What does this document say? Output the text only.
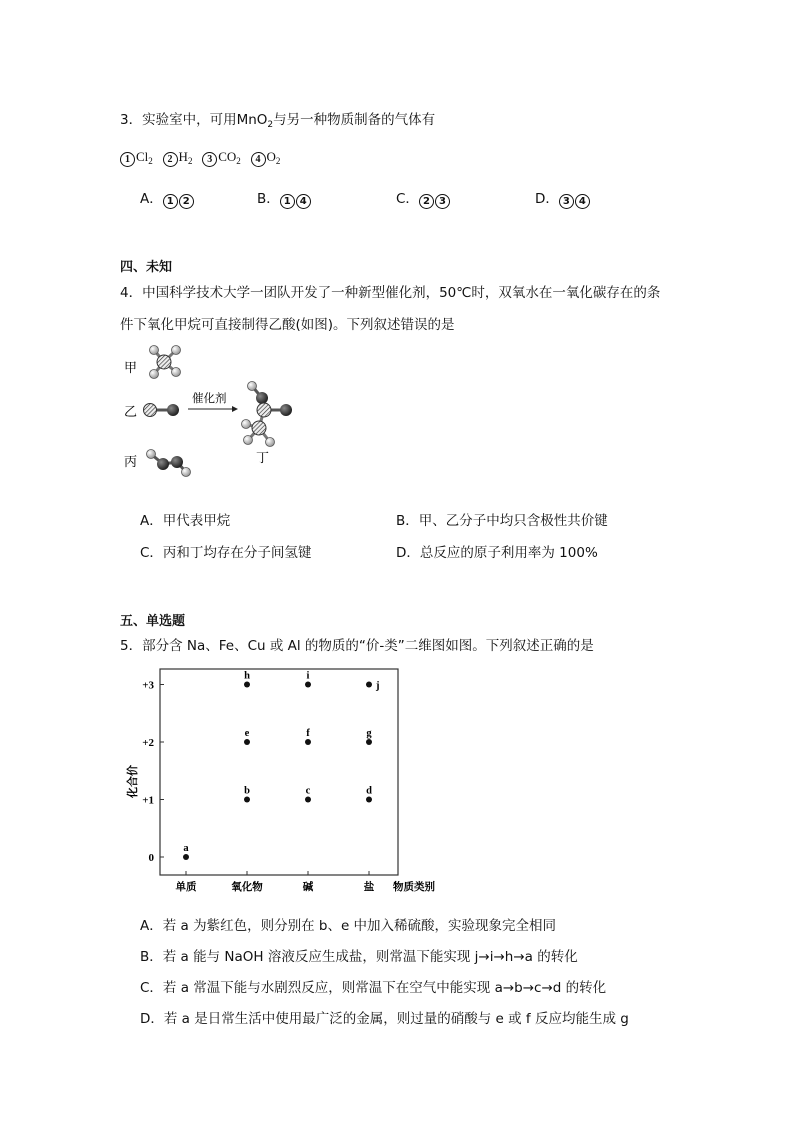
3．实验室中，可用MnO$_2$与另一种物质制备的气体有
1 $Cl_2$ 2 $H_2$ 3 $CO_2$ 4 $O_2$
A． 1 2	B． 1 4	C． 2 3	D． 3 4
四、未知
4．中国科学技术大学一团队开发了一种新型催化剂，50℃时，双氧水在一氧化碳存在的条
件下氧化甲烷可直接制得乙酸(如图)。下列叙述错误的是
甲
乙
催化剂
丙	丁
A．甲代表甲烷	B．甲、乙分子中均只含极性共价键
C．丙和丁均存在分子间氢键	D．总反应的原子利用率为 100%
五、单选题
5．部分含 Na、Fe、Cu 或 Al 的物质的“价-类”二维图如图。下列叙述正确的是
化合价
物质类别
+3
+2
+1
0
单质	氧化物	碱	盐
a
b	c	d
e	f	g
h	i
j
A．若 a 为紫红色，则分别在 b、e 中加入稀硫酸，实验现象完全相同
B．若 a 能与 NaOH 溶液反应生成盐，则常温下能实现 j→i→h→a 的转化
C．若 a 常温下能与水剧烈反应，则常温下在空气中能实现 a→b→c→d 的转化
D．若 a 是日常生活中使用最广泛的金属，则过量的硝酸与 e 或 f 反应均能生成 g
